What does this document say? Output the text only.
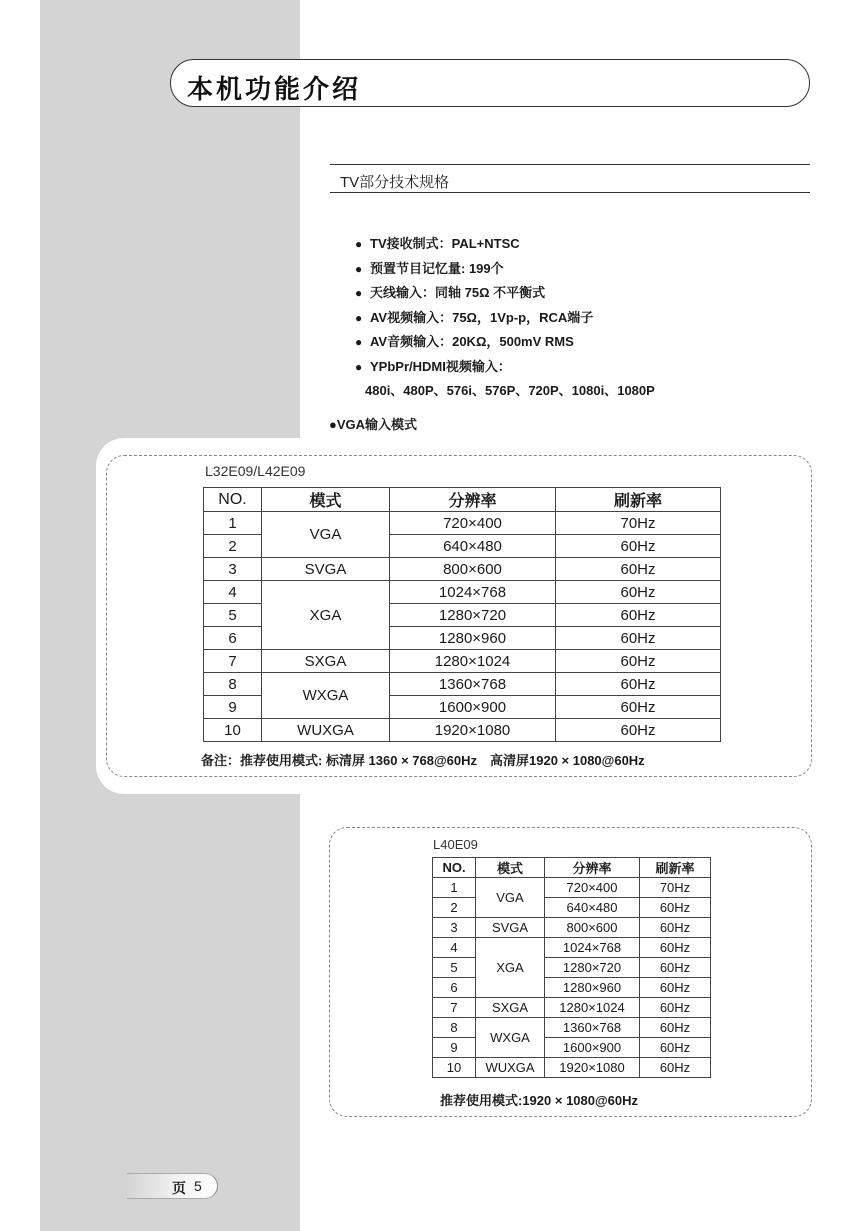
本机功能介绍
TV部分技术规格
● TV接收制式：PAL+NTSC
● 预置节目记忆量: 199个
● 天线输入：同轴 75Ω 不平衡式
● AV视频输入：75Ω，1Vp-p，RCA端子
● AV音频输入：20KΩ，500mV RMS
● YPbPr/HDMI视频输入：
480i、480P、576i、576P、720P、1080i、1080P
●VGA输入模式
L32E09/L42E09
NO.	模式	分辨率	刷新率
1	VGA	720×400	70Hz
2		640×480	60Hz
3	SVGA	800×600	60Hz
4	XGA	1024×768	60Hz
5		1280×720	60Hz
6		1280×960	60Hz
7	SXGA	1280×1024	60Hz
8	WXGA	1360×768	60Hz
9		1600×900	60Hz
10	WUXGA	1920×1080	60Hz
备注：推荐使用模式: 标清屏 1360 × 768@60Hz　高清屏1920 × 1080@60Hz
L40E09
NO.	模式	分辨率	刷新率
1	VGA	720×400	70Hz
2		640×480	60Hz
3	SVGA	800×600	60Hz
4	XGA	1024×768	60Hz
5		1280×720	60Hz
6		1280×960	60Hz
7	SXGA	1280×1024	60Hz
8	WXGA	1360×768	60Hz
9		1600×900	60Hz
10	WUXGA	1920×1080	60Hz
推荐使用模式:1920 × 1080@60Hz
页 5
